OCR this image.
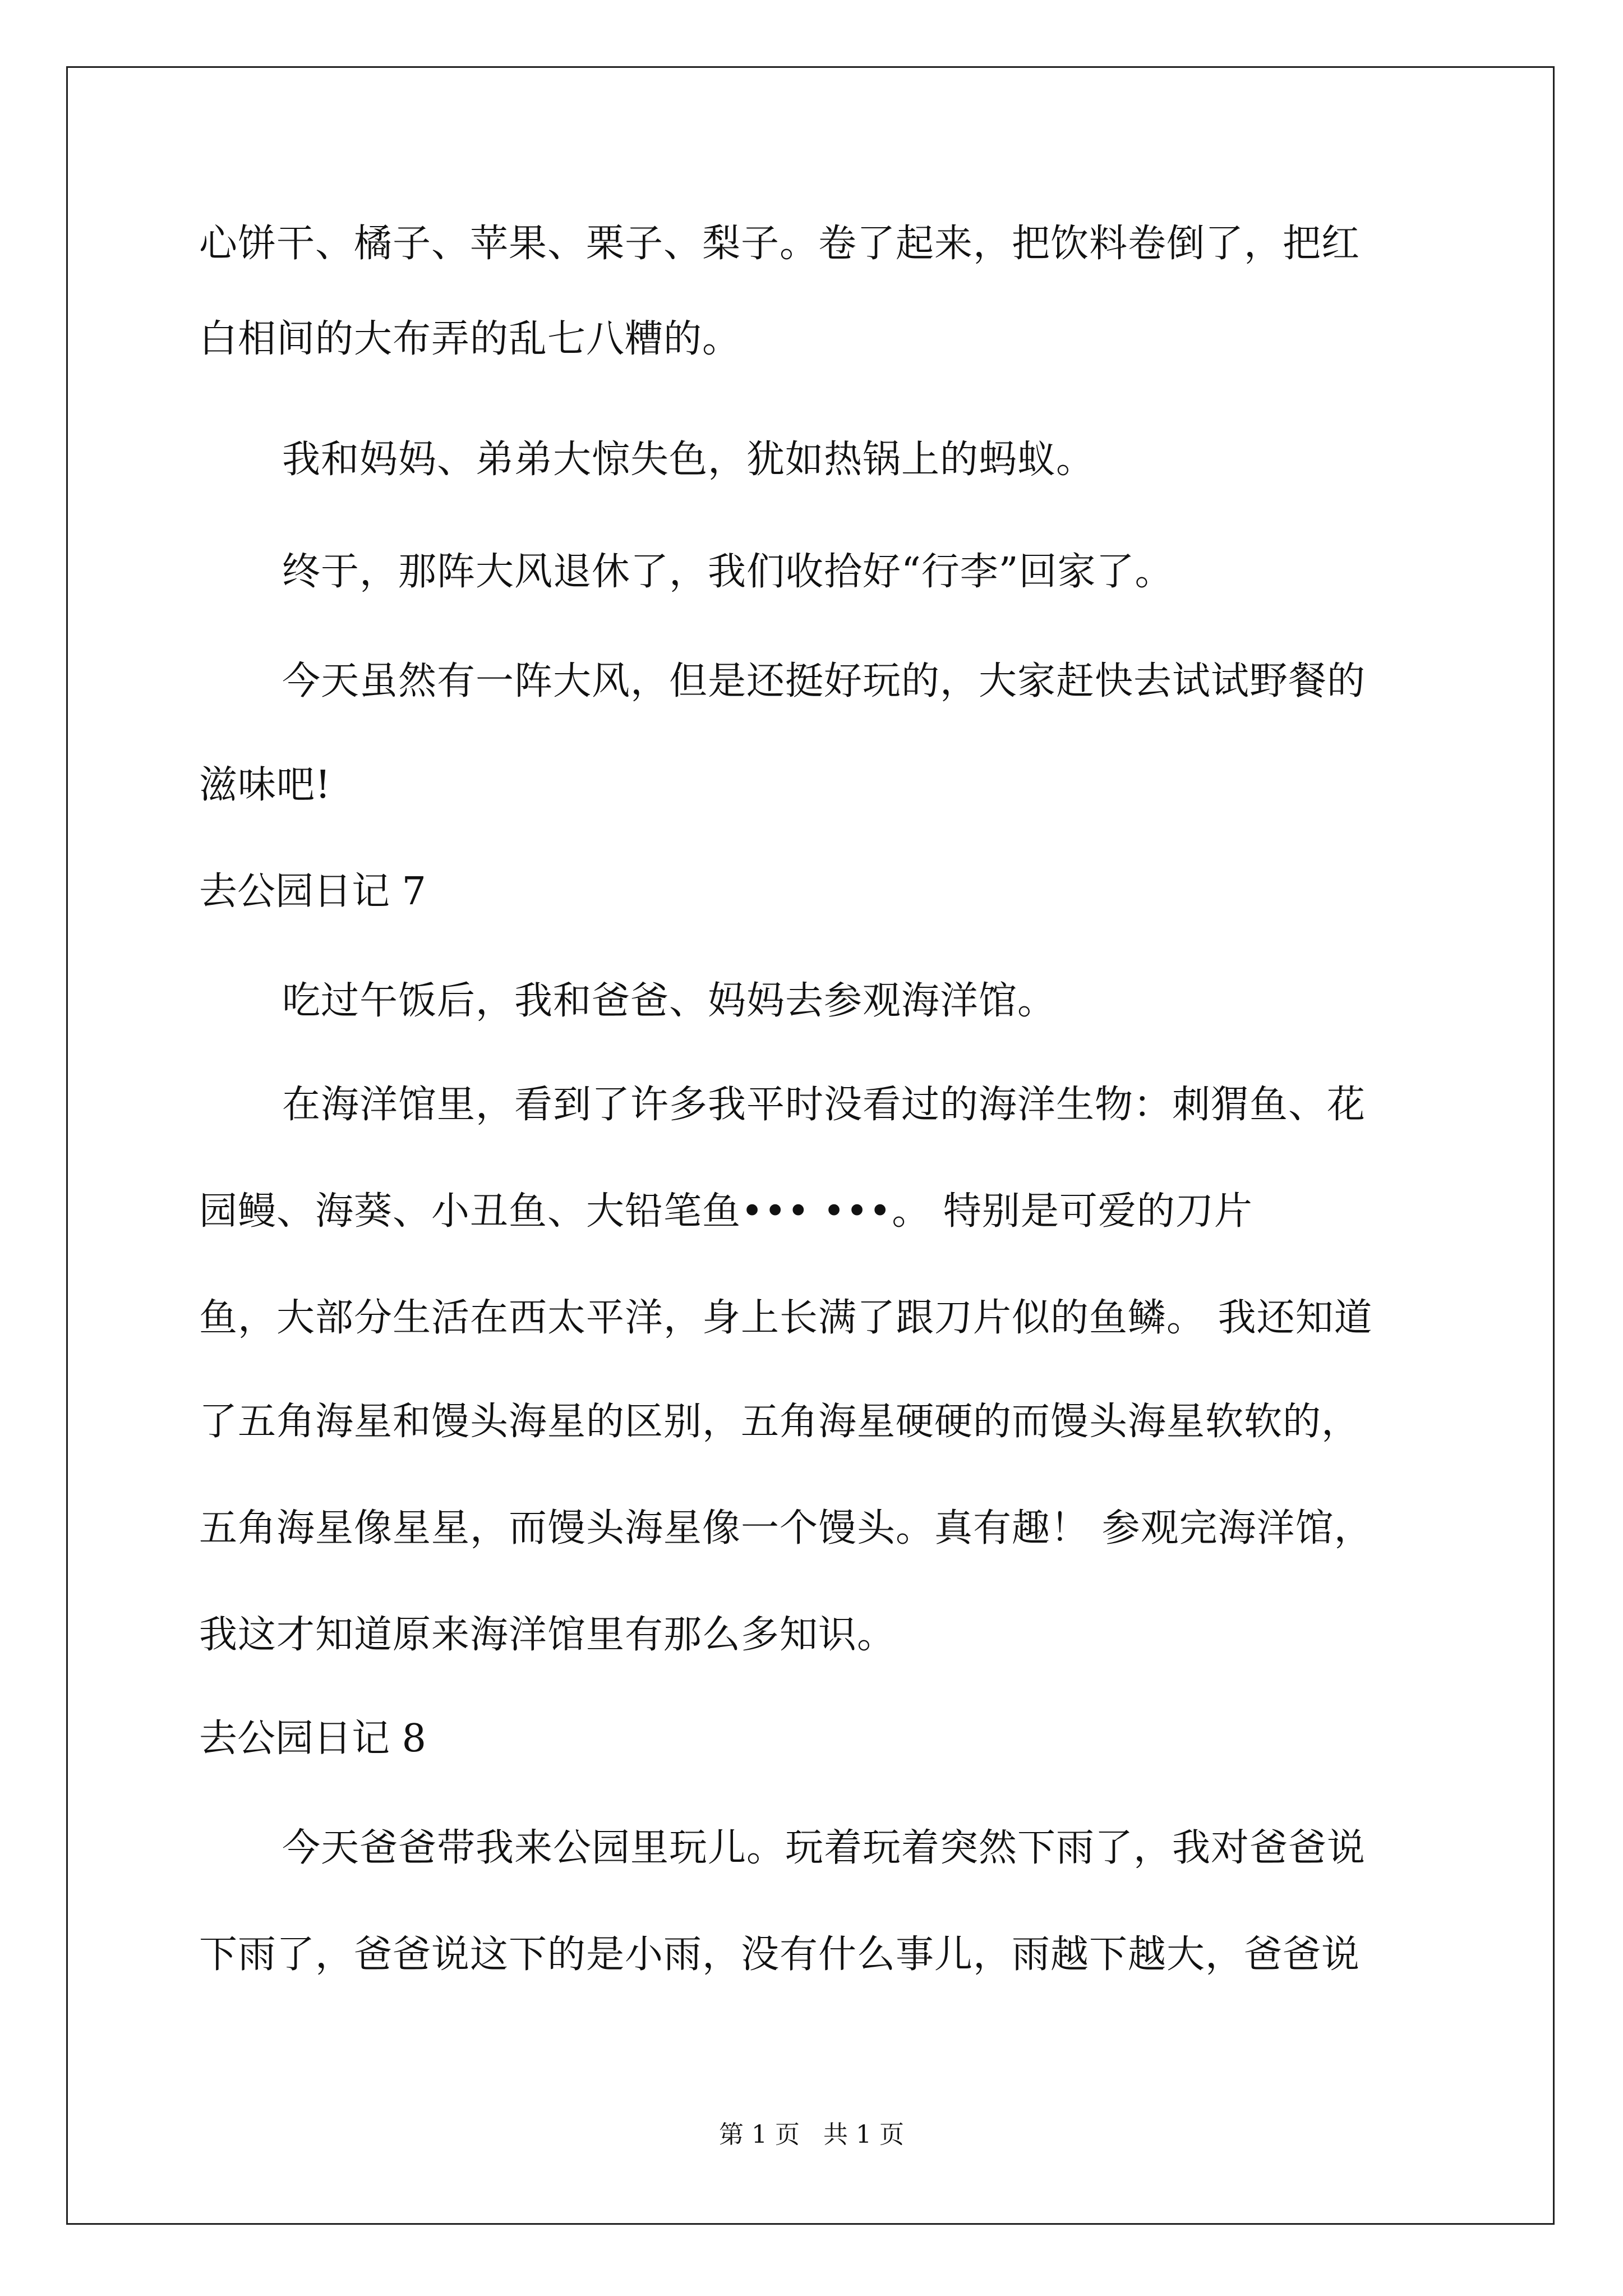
心饼干、橘子、苹果、栗子、梨子。卷了起来，把饮料卷倒了，把红
白相间的大布弄的乱七八糟的。
我和妈妈、弟弟大惊失色，犹如热锅上的蚂蚁。
终于，那阵大风退休了，我们收拾好“行李”回家了。
今天虽然有一阵大风，但是还挺好玩的，大家赶快去试试野餐的
滋味吧!
去公园日记 7
吃过午饭后，我和爸爸、妈妈去参观海洋馆。
在海洋馆里，看到了许多我平时没看过的海洋生物：刺猬鱼、花
园鳗、海葵、小丑鱼、大铅笔鱼••• •••。 特别是可爱的刀片
鱼，大部分生活在西太平洋，身上长满了跟刀片似的鱼鳞。 我还知道
了五角海星和馒头海星的区别，五角海星硬硬的而馒头海星软软的，
五角海星像星星，而馒头海星像一个馒头。真有趣！ 参观完海洋馆，
我这才知道原来海洋馆里有那么多知识。
去公园日记 8
今天爸爸带我来公园里玩儿。玩着玩着突然下雨了，我对爸爸说
下雨了，爸爸说这下的是小雨，没有什么事儿，雨越下越大，爸爸说
第 1 页   共 1 页
